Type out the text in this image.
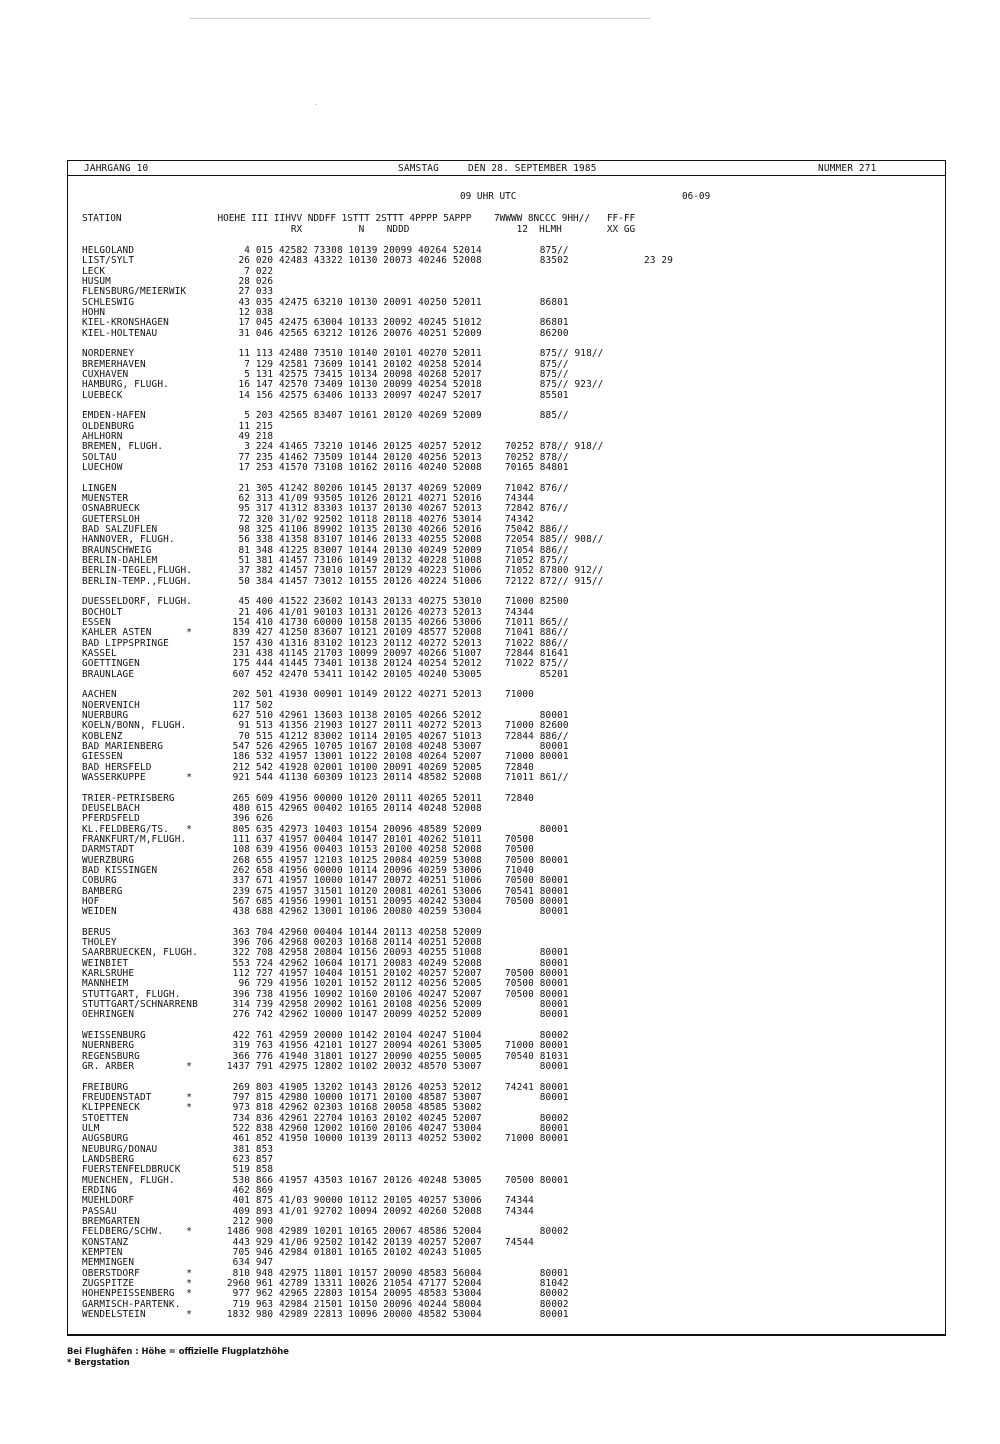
JAHRGANG 10	SAMSTAG	DEN 28. SEPTEMBER 1985	NUMMER 271
09 UHR UTC	06-09
STATION                 HOEHE III IIHVV NDDFF 1STTT 2STTT 4PPPP 5APPP    7WWWW 8NCCC 9HH//   FF-FF
RX          N    NDDD                   12  HLMH        XX GG
HELGOLAND                   4 015 42582 73308 10139 20099 40264 52014          875//
LIST/SYLT                  26 020 42483 43322 10130 20073 40246 52008          83502             23 29
LECK                        7 022
HUSUM                      28 026
FLENSBURG/MEIERWIK         27 033
SCHLESWIG                  43 035 42475 63210 10130 20091 40250 52011          86801
HOHN                       12 038
KIEL-KRONSHAGEN            17 045 42475 63004 10133 20092 40245 51012          86801
KIEL-HOLTENAU              31 046 42565 63212 10126 20076 40251 52009          86200
NORDERNEY                  11 113 42480 73510 10140 20101 40270 52011          875// 918//
BREMERHAVEN                 7 129 42581 73609 10141 20102 40258 52014          875//
CUXHAVEN                    5 131 42575 73415 10134 20098 40268 52017          875//
HAMBURG, FLUGH.            16 147 42570 73409 10130 20099 40254 52018          875// 923//
LUEBECK                    14 156 42575 63406 10133 20097 40247 52017          85501
EMDEN-HAFEN                 5 203 42565 83407 10161 20120 40269 52009          885//
OLDENBURG                  11 215
AHLHORN                    49 218
BREMEN, FLUGH.              3 224 41465 73210 10146 20125 40257 52012    70252 878// 918//
SOLTAU                     77 235 41462 73509 10144 20120 40256 52013    70252 878//
LUECHOW                    17 253 41570 73108 10162 20116 40240 52008    70165 84801
LINGEN                     21 305 41242 80206 10145 20137 40269 52009    71042 876//
MUENSTER                   62 313 41/09 93505 10126 20121 40271 52016    74344
OSNABRUECK                 95 317 41312 83303 10137 20130 40267 52013    72842 876//
GUETERSLOH                 72 320 31/02 92502 10118 20118 40276 53014    74342
BAD SALZUFLEN              98 325 41106 89902 10135 20130 40266 52016    75042 886//
HANNOVER, FLUGH.           56 338 41358 83107 10146 20133 40255 52008    72054 885// 908//
BRAUNSCHWEIG               81 348 41225 83007 10144 20130 40249 52009    71054 886//
BERLIN-DAHLEM              51 381 41457 73106 10149 20132 40228 51008    71052 875//
BERLIN-TEGEL,FLUGH.        37 382 41457 73010 10157 20129 40223 51006    71052 87800 912//
BERLIN-TEMP.,FLUGH.        50 384 41457 73012 10155 20126 40224 51006    72122 872// 915//
DUESSELDORF, FLUGH.        45 400 41522 23602 10143 20133 40275 53010    71000 82500
BOCHOLT                    21 406 41/01 90103 10131 20126 40273 52013    74344
ESSEN                     154 410 41730 60000 10158 20135 40266 53006    71011 865//
KAHLER ASTEN      *       839 427 41250 83607 10121 20109 48577 52008    71041 886//
BAD LIPPSPRINGE           157 430 41316 83102 10123 20112 40272 52013    71022 886//
KASSEL                    231 438 41145 21703 10099 20097 40266 51007    72844 81641
GOETTINGEN                175 444 41445 73401 10138 20124 40254 52012    71022 875//
BRAUNLAGE                 607 452 42470 53411 10142 20105 40240 53005          85201
AACHEN                    202 501 41930 00901 10149 20122 40271 52013    71000
NOERVENICH                117 502
NUERBURG                  627 510 42961 13603 10138 20105 40266 52012          80001
KOELN/BONN, FLUGH.         91 513 41356 21903 10127 20111 40272 52013    71000 82600
KOBLENZ                    70 515 41212 83002 10114 20105 40267 51013    72844 886//
BAD MARIENBERG            547 526 42965 10705 10167 20108 40248 53007          80001
GIESSEN                   186 532 41957 13001 10122 20108 40264 52007    71000 80001
BAD HERSFELD              212 542 41928 02001 10100 20091 40269 52005    72840
WASSERKUPPE       *       921 544 41130 60309 10123 20114 48582 52008    71011 861//
TRIER-PETRISBERG          265 609 41956 00000 10120 20111 40265 52011    72840
DEUSELBACH                480 615 42965 00402 10165 20114 40248 52008
PFERDSFELD                396 626
KL.FELDBERG/TS.   *       805 635 42973 10403 10154 20096 48589 52009          80001
FRANKFURT/M,FLUGH.        111 637 41957 00404 10147 20101 40262 51011    70500
DARMSTADT                 108 639 41956 00403 10153 20100 40258 52008    70500
WUERZBURG                 268 655 41957 12103 10125 20084 40259 53008    70500 80001
BAD KISSINGEN             262 658 41956 00000 10114 20096 40259 53006    71040
COBURG                    337 671 41957 10000 10147 20072 40251 51006    70500 80001
BAMBERG                   239 675 41957 31501 10120 20081 40261 53006    70541 80001
HOF                       567 685 41956 19901 10151 20095 40242 53004    70500 80001
WEIDEN                    438 688 42962 13001 10106 20080 40259 53004          80001
BERUS                     363 704 42960 00404 10144 20113 40258 52009
THOLEY                    396 706 42968 00203 10168 20114 40251 52008
SAARBRUECKEN, FLUGH.      322 708 42958 20804 10156 20093 40255 51008          80001
WEINBIET                  553 724 42962 10604 10171 20083 40249 52008          80001
KARLSRUHE                 112 727 41957 10404 10151 20102 40257 52007    70500 80001
MANNHEIM                   96 729 41956 10201 10152 20112 40256 52005    70500 80001
STUTTGART, FLUGH.         396 738 41956 10902 10160 20106 40247 52007    70500 80001
STUTTGART/SCHNARRENB      314 739 42958 20902 10161 20108 40256 52009          80001
OEHRINGEN                 276 742 42962 10000 10147 20099 40252 52009          80001
WEISSENBURG               422 761 42959 20000 10142 20104 40247 51004          80002
NUERNBERG                 319 763 41956 42101 10127 20094 40261 53005    71000 80001
REGENSBURG                366 776 41940 31801 10127 20090 40255 50005    70540 81031
GR. ARBER         *      1437 791 42975 12802 10102 20032 48570 53007          80001
FREIBURG                  269 803 41905 13202 10143 20126 40253 52012    74241 80001
FREUDENSTADT      *       797 815 42980 10000 10171 20100 48587 53007          80001
KLIPPENECK        *       973 818 42962 02303 10168 20058 48585 53002
STOETTEN                  734 836 42961 22704 10163 20102 40245 52007          80002
ULM                       522 838 42960 12002 10160 20106 40247 53004          80001
AUGSBURG                  461 852 41950 10000 10139 20113 40252 53002    71000 80001
NEUBURG/DONAU             381 853
LANDSBERG                 623 857
FUERSTENFELDBRUCK         519 858
MUENCHEN, FLUGH.          530 866 41957 43503 10167 20126 40248 53005    70500 80001
ERDING                    462 869
MUEHLDORF                 401 875 41/03 90000 10112 20105 40257 53006    74344
PASSAU                    409 893 41/01 92702 10094 20092 40260 52008    74344
BREMGARTEN                212 900
FELDBERG/SCHW.    *      1486 908 42989 10201 10165 20067 48586 52004          80002
KONSTANZ                  443 929 41/06 92502 10142 20139 40257 52007    74544
KEMPTEN                   705 946 42984 01801 10165 20102 40243 51005
MEMMINGEN                 634 947
OBERSTDORF        *       810 948 42975 11801 10157 20090 48583 56004          80001
ZUGSPITZE         *      2960 961 42789 13311 10026 21054 47177 52004          81042
HOHENPEISSENBERG  *       977 962 42965 22803 10154 20095 48583 53004          80002
GARMISCH-PARTENK.         719 963 42984 21501 10150 20096 40244 58004          80002
WENDELSTEIN       *      1832 980 42989 22813 10096 20000 48582 53004          80001
Bei Flughäfen : Höhe = offizielle Flugplatzhöhe
* Bergstation
